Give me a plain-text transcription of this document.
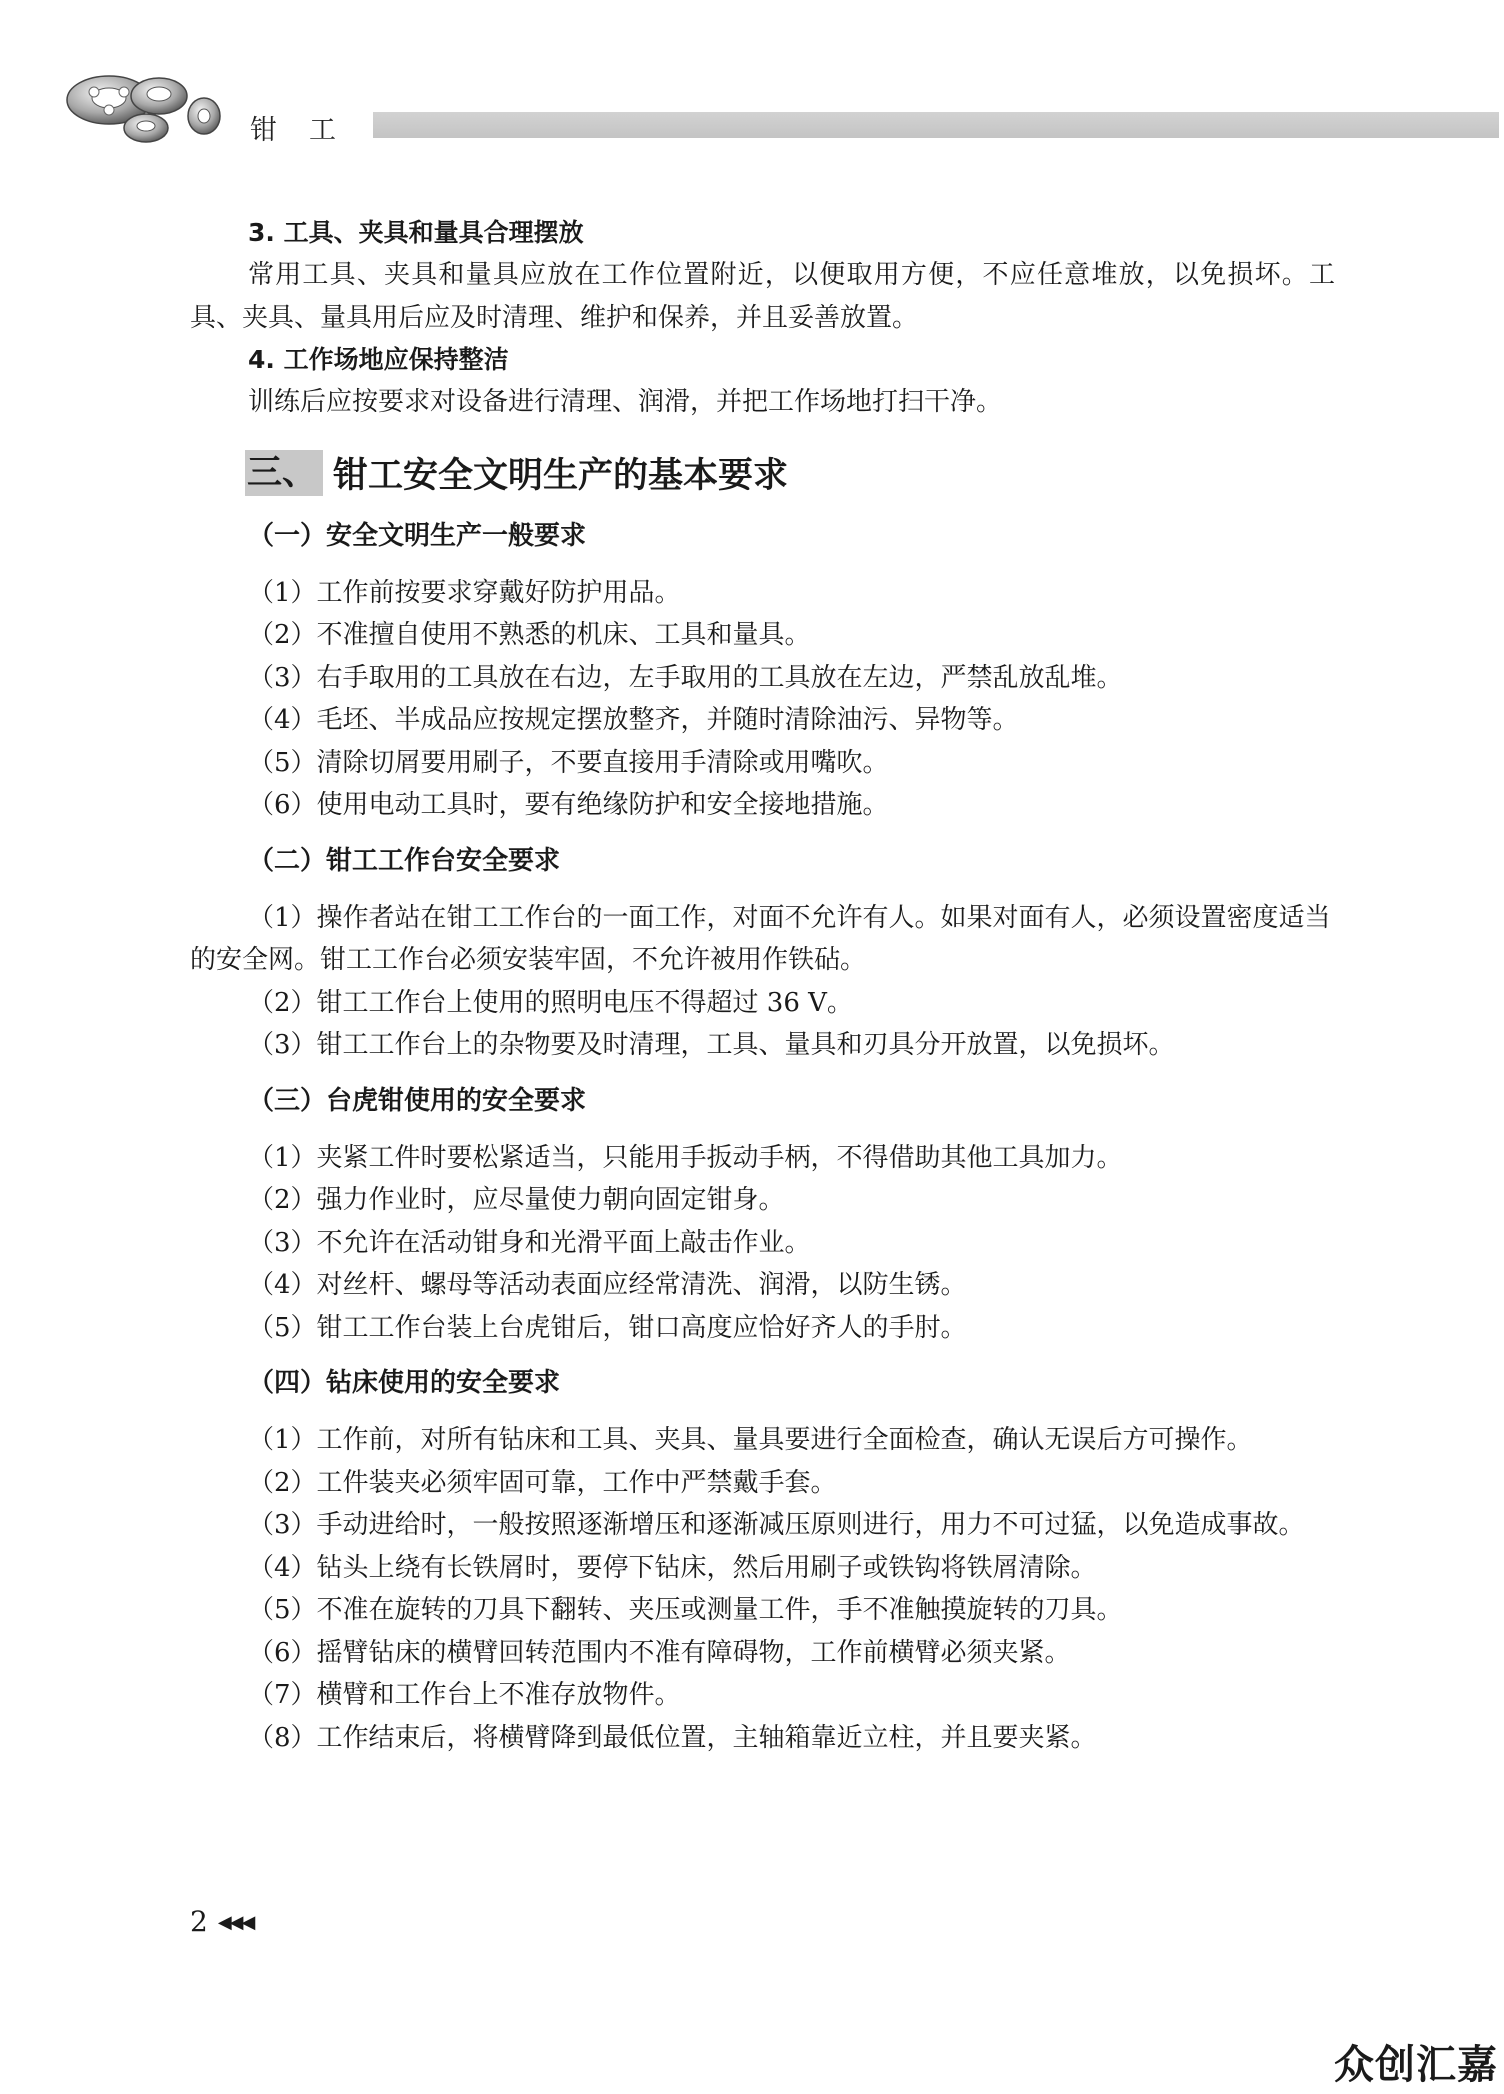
钳 工

3. 工具、夹具和量具合理摆放

常用工具、夹具和量具应放在工作位置附近，以便取用方便，不应任意堆放，以免损坏。工具、夹具、量具用后应及时清理、维护和保养，并且妥善放置。

4. 工作场地应保持整洁

训练后应按要求对设备进行清理、润滑，并把工作场地打扫干净。

三、 钳工安全文明生产的基本要求
（一）安全文明生产一般要求

（1）工作前按要求穿戴好防护用品。

（2）不准擅自使用不熟悉的机床、工具和量具。

（3）右手取用的工具放在右边，左手取用的工具放在左边，严禁乱放乱堆。

（4）毛坯、半成品应按规定摆放整齐，并随时清除油污、异物等。

（5）清除切屑要用刷子，不要直接用手清除或用嘴吹。

（6）使用电动工具时，要有绝缘防护和安全接地措施。

（二）钳工工作台安全要求

（1）操作者站在钳工工作台的一面工作，对面不允许有人。如果对面有人，必须设置密度适当的安全网。钳工工作台必须安装牢固，不允许被用作铁砧。

（2）钳工工作台上使用的照明电压不得超过 36 V。

（3）钳工工作台上的杂物要及时清理，工具、量具和刃具分开放置，以免损坏。

（三）台虎钳使用的安全要求

（1）夹紧工件时要松紧适当，只能用手扳动手柄，不得借助其他工具加力。

（2）强力作业时，应尽量使力朝向固定钳身。

（3）不允许在活动钳身和光滑平面上敲击作业。

（4）对丝杆、螺母等活动表面应经常清洗、润滑，以防生锈。

（5）钳工工作台装上台虎钳后，钳口高度应恰好齐人的手肘。

（四）钻床使用的安全要求

（1）工作前，对所有钻床和工具、夹具、量具要进行全面检查，确认无误后方可操作。

（2）工件装夹必须牢固可靠，工作中严禁戴手套。

（3）手动进给时，一般按照逐渐增压和逐渐减压原则进行，用力不可过猛，以免造成事故。

（4）钻头上绕有长铁屑时，要停下钻床，然后用刷子或铁钩将铁屑清除。

（5）不准在旋转的刀具下翻转、夹压或测量工件，手不准触摸旋转的刀具。

（6）摇臂钻床的横臂回转范围内不准有障碍物，工作前横臂必须夹紧。

（7）横臂和工作台上不准存放物件。

（8）工作结束后，将横臂降到最低位置，主轴箱靠近立柱，并且要夹紧。

2 ◀◀◀
众创汇嘉
